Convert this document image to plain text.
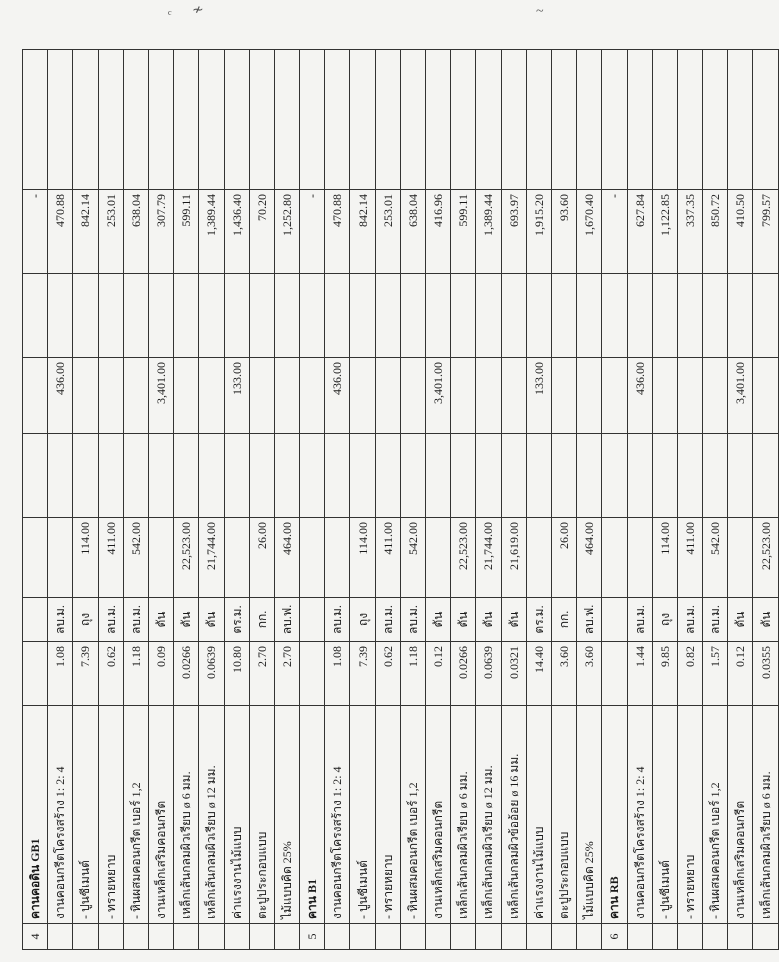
ᶜ ≁	~
4	คานคอดิน GB1							-	
	งานคอนกรีตโครงสร้าง 1: 2: 4	1.08	ลบ.ม.			436.00		470.88	
	- ปูนซีเมนต์	7.39	ถุง	114.00				842.14	
	- ทรายหยาบ	0.62	ลบ.ม.	411.00				253.01	
	- หินผสมคอนกรีต เบอร์ 1,2	1.18	ลบ.ม.	542.00				638.04	
	งานเหล็กเสริมคอนกรีต	0.09	ตัน			3,401.00		307.79	
	เหล็กเส้นกลมผิวเรียบ ø 6 มม.	0.0266	ตัน	22,523.00				599.11	
	เหล็กเส้นกลมผิวเรียบ ø 12 มม.	0.0639	ตัน	21,744.00				1,389.44	
	ค่าแรงงานไม้แบบ	10.80	ตร.ม.			133.00		1,436.40	
	ตะปูประกอบแบบ	2.70	กก.	26.00				70.20	
	ไม้แบบคิด 25%	2.70	ลบ.ฟ.	464.00				1,252.80	
5	คาน B1							-	
	งานคอนกรีตโครงสร้าง 1: 2: 4	1.08	ลบ.ม.			436.00		470.88	
	- ปูนซีเมนต์	7.39	ถุง	114.00				842.14	
	- ทรายหยาบ	0.62	ลบ.ม.	411.00				253.01	
	- หินผสมคอนกรีต เบอร์ 1,2	1.18	ลบ.ม.	542.00				638.04	
	งานเหล็กเสริมคอนกรีต	0.12	ตัน			3,401.00		416.96	
	เหล็กเส้นกลมผิวเรียบ ø 6 มม.	0.0266	ตัน	22,523.00				599.11	
	เหล็กเส้นกลมผิวเรียบ ø 12 มม.	0.0639	ตัน	21,744.00				1,389.44	
	เหล็กเส้นกลมผิวข้ออ้อย ø 16 มม.	0.0321	ตัน	21,619.00				693.97	
	ค่าแรงงานไม้แบบ	14.40	ตร.ม.			133.00		1,915.20	
	ตะปูประกอบแบบ	3.60	กก.	26.00				93.60	
	ไม้แบบคิด 25%	3.60	ลบ.ฟ.	464.00				1,670.40	
6	คาน RB							-	
	งานคอนกรีตโครงสร้าง 1: 2: 4	1.44	ลบ.ม.			436.00		627.84	
	- ปูนซีเมนต์	9.85	ถุง	114.00				1,122.85	
	- ทรายหยาบ	0.82	ลบ.ม.	411.00				337.35	
	- หินผสมคอนกรีต เบอร์ 1,2	1.57	ลบ.ม.	542.00				850.72	
	งานเหล็กเสริมคอนกรีต	0.12	ตัน			3,401.00		410.50	
	เหล็กเส้นกลมผิวเรียบ ø 6 มม.	0.0355	ตัน	22,523.00				799.57	
